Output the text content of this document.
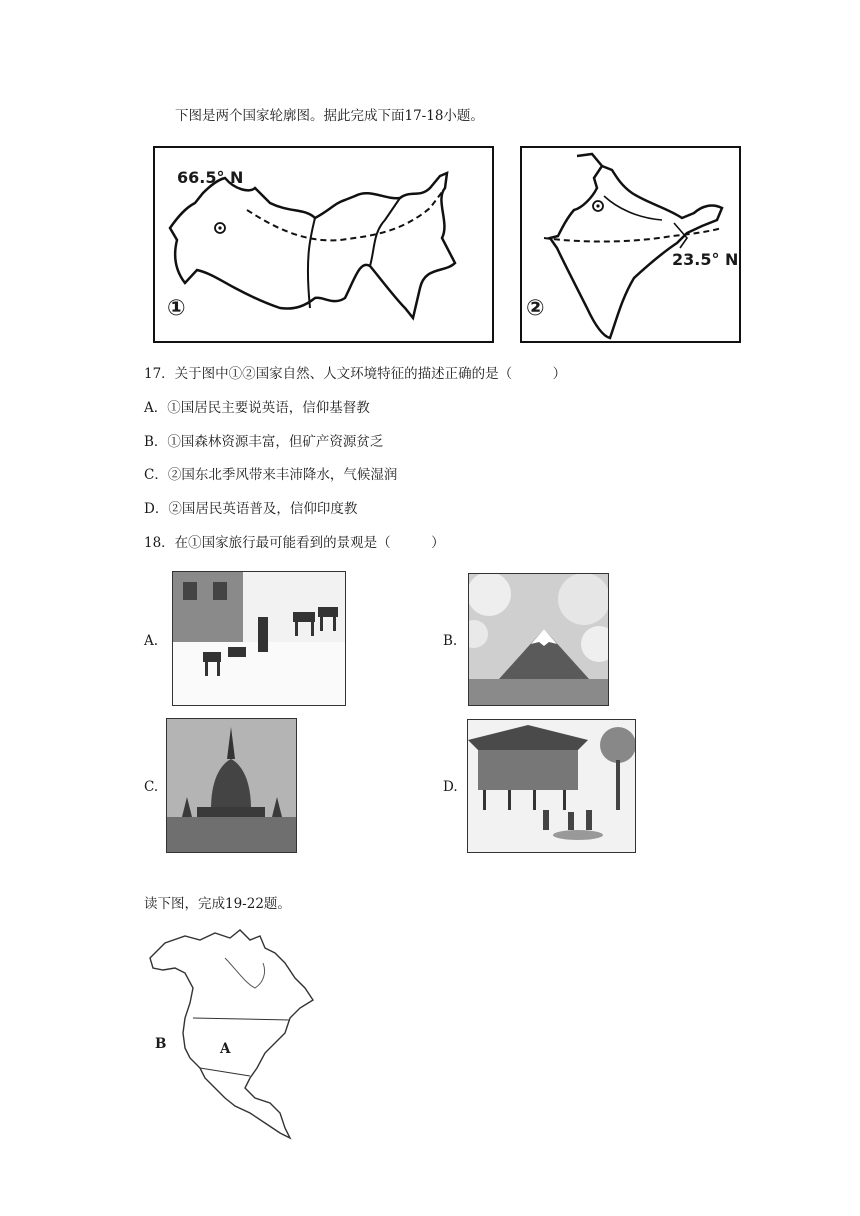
下图是两个国家轮廓图。据此完成下面17-18小题。
66.5° N
①
23.5° N
②
17．关于图中①②国家自然、人文环境特征的描述正确的是（　　　）
A．①国居民主要说英语，信仰基督教
B．①国森林资源丰富，但矿产资源贫乏
C．②国东北季风带来丰沛降水，气候湿润
D．②国居民英语普及，信仰印度教
18．在①国家旅行最可能看到的景观是（　　　）
A.	B.
C.	D.
读下图，完成19-22题。
A
B
